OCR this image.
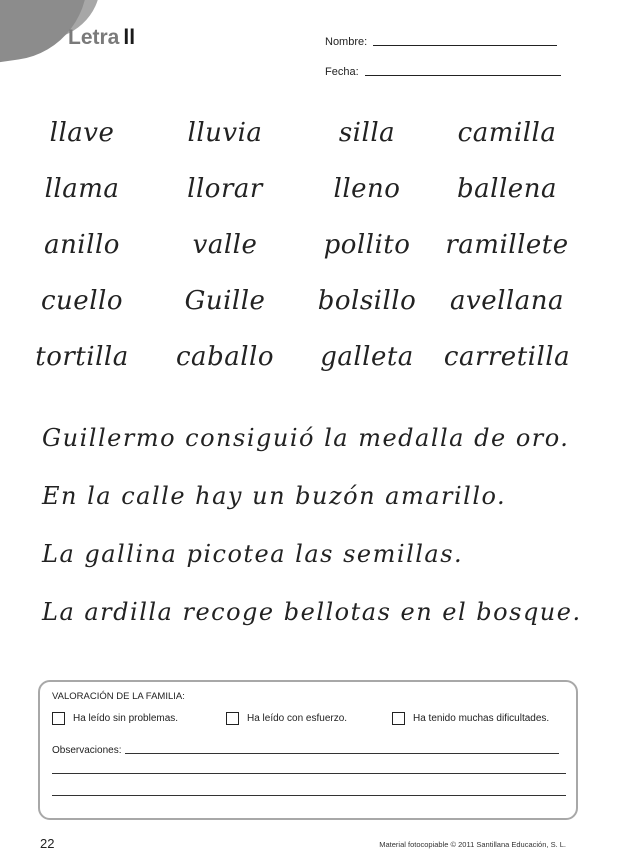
Letra ll	Nombre:
Fecha:
llave	lluvia	silla	camilla
llama	llorar	lleno	ballena
anillo	valle	pollito	ramillete
cuello	Guille	bolsillo	avellana
tortilla	caballo	galleta	carretilla
Guillermo consiguió la medalla de oro.
En la calle hay un buzón amarillo.
La gallina picotea las semillas.
La ardilla recoge bellotas en el bosque.
VALORACIÓN DE LA FAMILIA:
Ha leído sin problemas.	Ha leído con esfuerzo.	Ha tenido muchas dificultades.
Observaciones:
22	Material fotocopiable © 2011 Santillana Educación, S. L.
